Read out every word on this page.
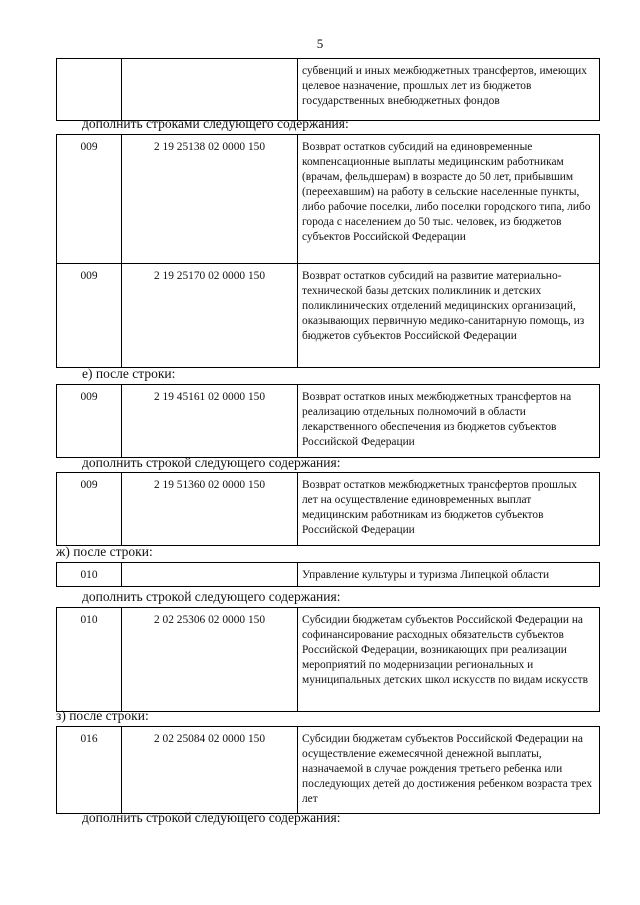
5
		субвенций и иных межбюджетных трансфертов, имеющих целевое назначение, прошлых лет из бюджетов государственных внебюджетных фондов
дополнить строками следующего содержания:
009	2 19 25138 02 0000 150	Возврат остатков субсидий на единовременные компенсационные выплаты медицинским работникам (врачам, фельдшерам) в возрасте до 50 лет, прибывшим (переехавшим) на работу в сельские населенные пункты, либо рабочие поселки, либо поселки городского типа, либо города с населением до 50 тыс. человек, из бюджетов субъектов Российской Федерации
009	2 19 25170 02 0000 150	Возврат остатков субсидий на развитие материально-технической базы детских поликлиник и детских поликлинических отделений медицинских организаций, оказывающих первичную медико-санитарную помощь, из бюджетов субъектов Российской Федерации
е) после строки:
009	2 19 45161 02 0000 150	Возврат остатков иных межбюджетных трансфертов на реализацию отдельных полномочий в области лекарственного обеспечения из бюджетов субъектов Российской Федерации
дополнить строкой следующего содержания:
009	2 19 51360 02 0000 150	Возврат остатков межбюджетных трансфертов прошлых лет на осуществление единовременных выплат медицинским работникам из бюджетов субъектов Российской Федерации
ж) после строки:
010		Управление культуры и туризма Липецкой области
дополнить строкой следующего содержания:
010	2 02 25306 02 0000 150	Субсидии бюджетам субъектов Российской Федерации на софинансирование расходных обязательств субъектов Российской Федерации, возникающих при реализации мероприятий по модернизации региональных и муниципальных детских школ искусств по видам искусств
з) после строки:
016	2 02 25084 02 0000 150	Субсидии бюджетам субъектов Российской Федерации на осуществление ежемесячной денежной выплаты, назначаемой в случае рождения третьего ребенка или последующих детей до достижения ребенком возраста трех лет
дополнить строкой следующего содержания:
